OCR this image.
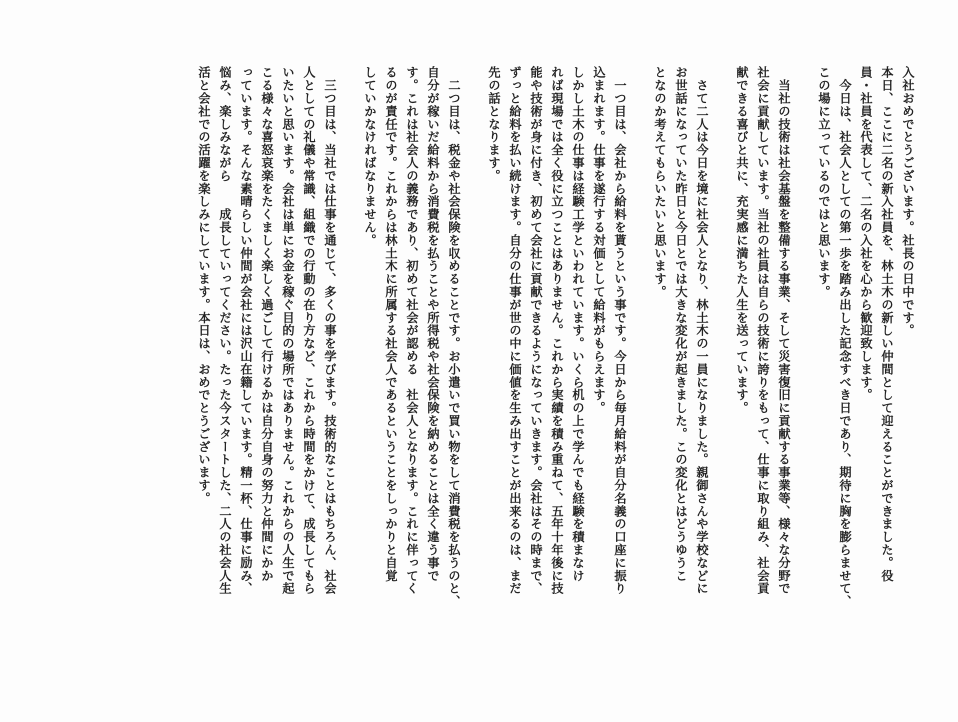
入社おめでとうございます。社長の日中です。
本日、ここに二名の新入社員を、林土木の新しい仲間として迎えることができました。役
員・社員を代表して、二名の入社を心から歓迎致します。
　今日は、社会人としての第一歩を踏み出した記念すべき日であり、期待に胸を膨らませて、
この場に立っているのではと思います。
　当社の技術は社会基盤を整備する事業、そして災害復旧に貢献する事業等、様々な分野で
社会に貢献しています。当社の社員は自らの技術に誇りをもって、仕事に取り組み、社会貢
献できる喜びと共に、充実感に満ちた人生を送っています。
　さて二人は今日を境に社会人となり、林土木の一員になりました。親御さんや学校などに
お世話になっていた昨日と今日とでは大きな変化が起きました。この変化とはどうゆうこ
となのか考えてもらいたいと思います。
　一つ目は、会社から給料を貰うという事です。今日から毎月給料が自分名義の口座に振り
込まれます。仕事を遂行する対価として給料がもらえます。
しかし土木の仕事は経験工学といわれています。いくら机の上で学んでも経験を積まなけ
れば現場では全く役に立つことはありません。これから実績を積み重ねて、五年十年後に技
能や技術が身に付き、初めて会社に貢献できるようになっていきます。会社はその時まで、
ずっと給料を払い続けます。自分の仕事が世の中に価値を生み出すことが出来るのは、まだ
先の話となります。
　二つ目は、税金や社会保険を収めることです。お小遣いで買い物をして消費税を払うのと、
自分が稼いだ給料から消費税を払うことや所得税や社会保険を納めることは全く違う事で
す。これは社会人の義務であり、初めて社会が認める　社会人となります。これに伴ってく
るのが責任です。これからは林土木に所属する社会人であるということをしっかりと自覚
していかなければなりません。
　三つ目は、当社では仕事を通じて、多くの事を学びます。技術的なことはもちろん、社会
人としての礼儀や常識、組織での行動の在り方など、これから時間をかけて、成長してもら
いたいと思います。会社は単にお金を稼ぐ目的の場所ではありません。これからの人生で起
こる様々な喜怒哀楽をたくましく楽しく過ごして行けるかは自分自身の努力と仲間にかか
っています。そんな素晴らしい仲間が会社には沢山在籍しています。精一杯、仕事に励み、
悩み、楽しみながら　　成長していってください。たった今スタートした、二人の社会人生
活と会社での活躍を楽しみにしています。本日は、おめでとうございます。
